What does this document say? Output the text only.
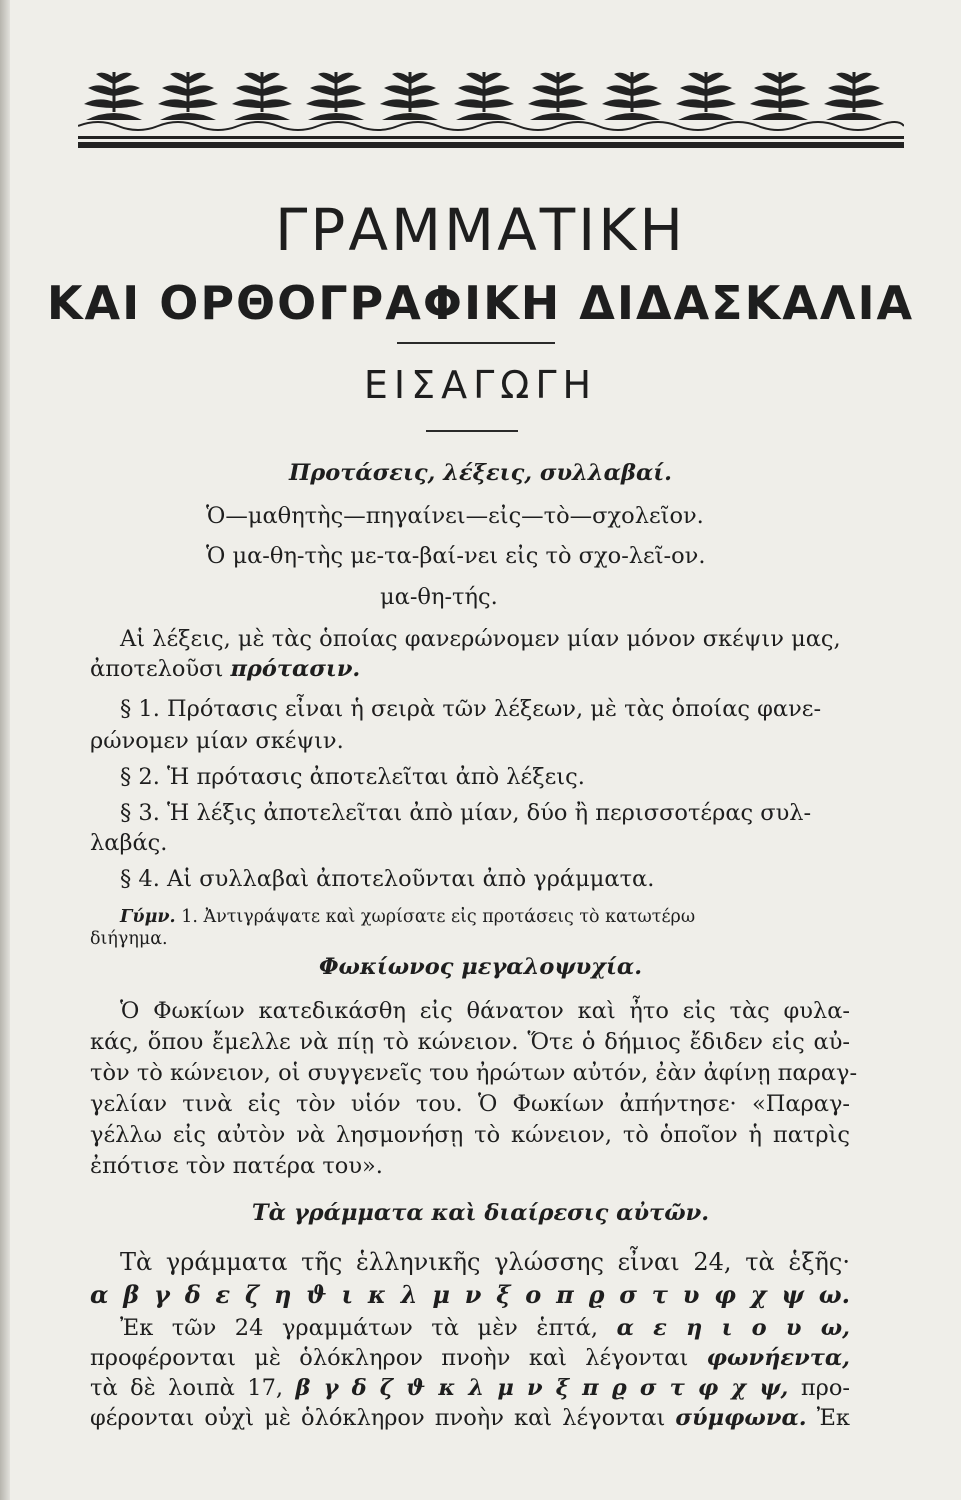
ΓΡΑΜΜΑΤΙΚΗ
ΚΑΙ ΟΡΘΟΓΡΑΦΙΚΗ ΔΙΔΑΣΚΑΛΙΑ
ΕΙΣΑΓΩΓΗ
Προτάσεις, λέξεις, συλλαβαί.
Ὁ—μαθητὴς—πηγαίνει—εἰς—τὸ—σχολεῖον.
Ὁ μα-θη-τὴς με-τα-βαί-νει εἰς τὸ σχο-λεῖ-ον.
μα-θη-τής.
Αἱ λέξεις, μὲ τὰς ὁποίας φανερώνομεν μίαν μόνον σκέψιν μας,
ἀποτελοῦσι πρότασιν.
§ 1. Πρότασις εἶναι ἡ σειρὰ τῶν λέξεων, μὲ τὰς ὁποίας φανε-
ρώνομεν μίαν σκέψιν.
§ 2. Ἡ πρότασις ἀποτελεῖται ἀπὸ λέξεις.
§ 3. Ἡ λέξις ἀποτελεῖται ἀπὸ μίαν, δύο ἢ περισσοτέρας συλ-
λαβάς.
§ 4. Αἱ συλλαβαὶ ἀποτελοῦνται ἀπὸ γράμματα.
Γύμν. 1. Ἀντιγράψατε καὶ χωρίσατε εἰς προτάσεις τὸ κατωτέρω
διήγημα.
Φωκίωνος μεγαλοψυχία.
Ὁ Φωκίων κατεδικάσθη εἰς θάνατον καὶ ἦτο εἰς τὰς φυλα-
κάς, ὅπου ἔμελλε νὰ πίῃ τὸ κώνειον. Ὅτε ὁ δήμιος ἔδιδεν εἰς αὐ-
τὸν τὸ κώνειον, οἱ συγγενεῖς του ἠρώτων αὐτόν, ἐὰν ἀφίνῃ παραγ-
γελίαν τινὰ εἰς τὸν υἱόν του. Ὁ Φωκίων ἀπήντησε· «Παραγ-
γέλλω εἰς αὐτὸν νὰ λησμονήσῃ τὸ κώνειον, τὸ ὁποῖον ἡ πατρὶς
ἐπότισε τὸν πατέρα του».
Τὰ γράμματα καὶ διαίρεσις αὐτῶν.
Τὰ γράμματα τῆς ἑλληνικῆς γλώσσης εἶναι 24, τὰ ἑξῆς·
α β γ δ ε ζ η ϑ ι κ λ μ ν ξ ο π ϱ σ τ υ φ χ ψ ω.
Ἐκ τῶν 24 γραμμάτων τὰ μὲν ἑπτά, α ε η ι ο υ ω,
προφέρονται μὲ ὁλόκληρον πνοὴν καὶ λέγονται φωνήεντα,
τὰ δὲ λοιπὰ 17, β γ δ ζ ϑ κ λ μ ν ξ π ϱ σ τ φ χ ψ, προ-
φέρονται οὐχὶ μὲ ὁλόκληρον πνοὴν καὶ λέγονται σύμφωνα. Ἐκ
